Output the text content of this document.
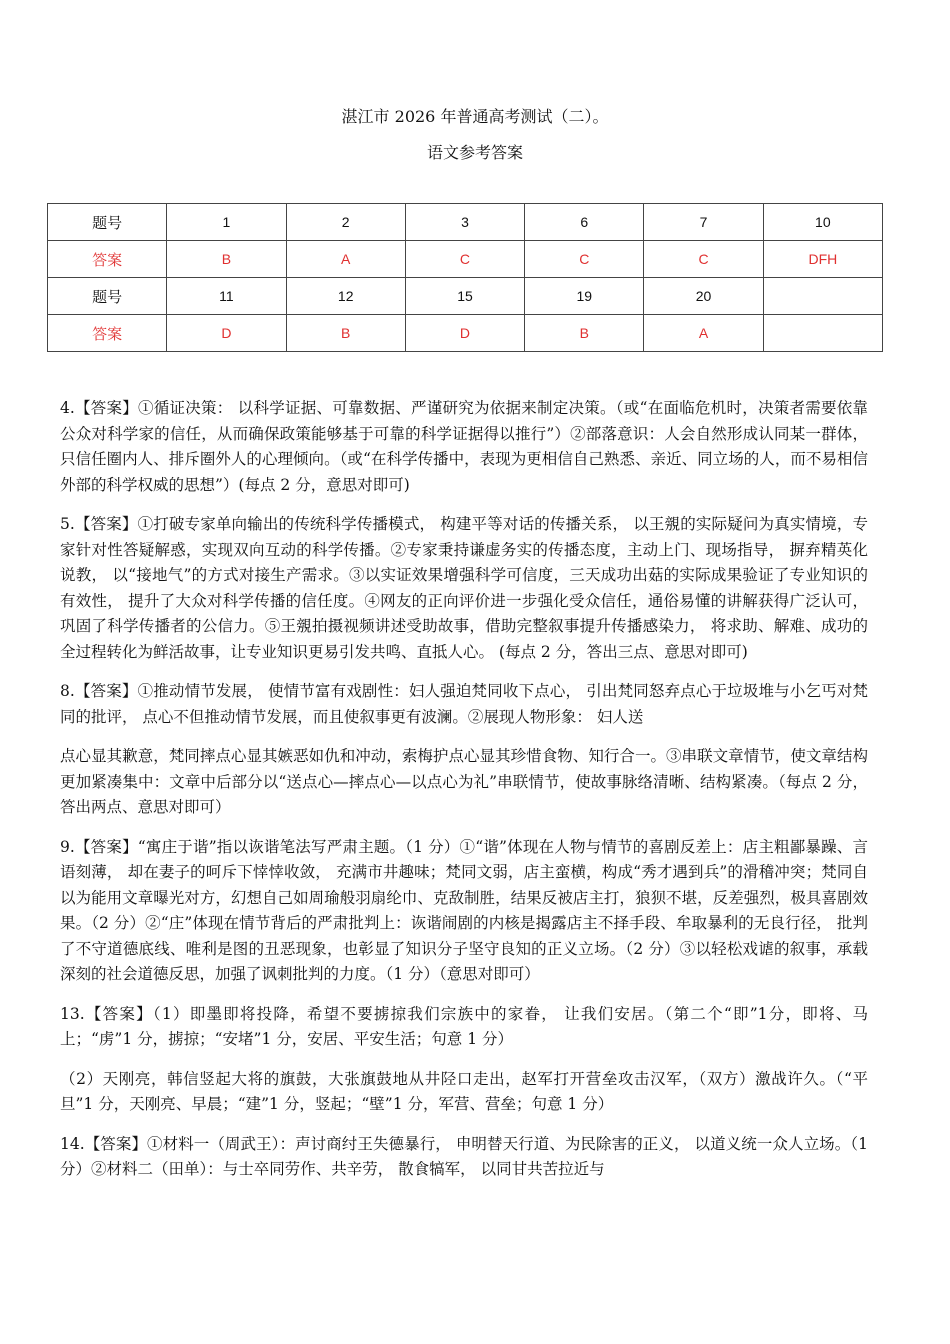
湛江市 2026 年普通高考测试（二）。
语文参考答案
题号	1	2	3	6	7	10
答案	B	A	C	C	C	DFH
题号	11	12	15	19	20	
答案	D	B	D	B	A	

4.【答案】①循证决策： 以科学证据、可靠数据、严谨研究为依据来制定决策。（或“在面临危机时，决策者需要依靠公众对科学家的信任，从而确保政策能够基于可靠的科学证据得以推行”）②部落意识：人会自然形成认同某一群体，只信任圈内人、排斥圈外人的心理倾向。（或“在科学传播中，表现为更相信自己熟悉、亲近、同立场的人，而不易相信外部的科学权威的思想”）(每点 2 分，意思对即可)

5.【答案】①打破专家单向输出的传统科学传播模式， 构建平等对话的传播关系， 以王覫的实际疑问为真实情境，专家针对性答疑解惑，实现双向互动的科学传播。②专家秉持谦虚务实的传播态度，主动上门、现场指导， 摒弃精英化说教， 以“接地气”的方式对接生产需求。③以实证效果增强科学可信度，三天成功出菇的实际成果验证了专业知识的有效性， 提升了大众对科学传播的信任度。④网友的正向评价进一步强化受众信任，通俗易懂的讲解获得广泛认可，巩固了科学传播者的公信力。⑤王覫拍摄视频讲述受助故事，借助完整叙事提升传播感染力， 将求助、解难、成功的全过程转化为鲜活故事，让专业知识更易引发共鸣、直抵人心。 (每点 2 分，答出三点、意思对即可)

8.【答案】①推动情节发展， 使情节富有戏剧性：妇人强迫梵同收下点心， 引出梵同怒弃点心于垃圾堆与小乞丐对梵同的批评， 点心不但推动情节发展，而且使叙事更有波澜。②展现人物形象： 妇人送

点心显其歉意，梵同摔点心显其嫉恶如仇和冲动，索梅护点心显其珍惜食物、知行合一。③串联文章情节，使文章结构更加紧凑集中：文章中后部分以“送点心—摔点心—以点心为礼”串联情节，使故事脉络清晰、结构紧凑。（每点 2 分，答出两点、意思对即可）

9.【答案】“寓庄于谐”指以诙谐笔法写严肃主题。（1 分）①“谐”体现在人物与情节的喜剧反差上：店主粗鄙暴躁、言语刻薄， 却在妻子的呵斥下悻悻收敛， 充满市井趣味；梵同文弱，店主蛮横，构成“秀才遇到兵”的滑稽冲突；梵同自以为能用文章曝光对方，幻想自己如周瑜般羽扇纶巾、克敌制胜，结果反被店主打，狼狈不堪，反差强烈，极具喜剧效果。（2 分）②“庄”体现在情节背后的严肃批判上：诙谐闹剧的内核是揭露店主不择手段、牟取暴利的无良行径， 批判了不守道德底线、唯利是图的丑恶现象，也彰显了知识分子坚守良知的正义立场。（2 分）③以轻松戏谑的叙事，承载深刻的社会道德反思，加强了讽刺批判的力度。（1 分）（意思对即可）

13.【答案】（1）即墨即将投降，希望不要掳掠我们宗族中的家眷， 让我们安居。（第二个“即”1分，即将、马上；“虏”1 分，掳掠；“安堵”1 分，安居、平安生活；句意 1 分）

（2）天刚亮，韩信竖起大将的旗鼓，大张旗鼓地从井陉口走出，赵军打开营垒攻击汉军，（双方）激战许久。（“平旦”1 分，天刚亮、早晨；“建”1 分，竖起；“壁”1 分，军营、营垒；句意 1 分）

14.【答案】①材料一（周武王）：声讨商纣王失德暴行， 申明替天行道、为民除害的正义， 以道义统一众人立场。（1 分）②材料二（田单）：与士卒同劳作、共辛劳， 散食犒军， 以同甘共苦拉近与
